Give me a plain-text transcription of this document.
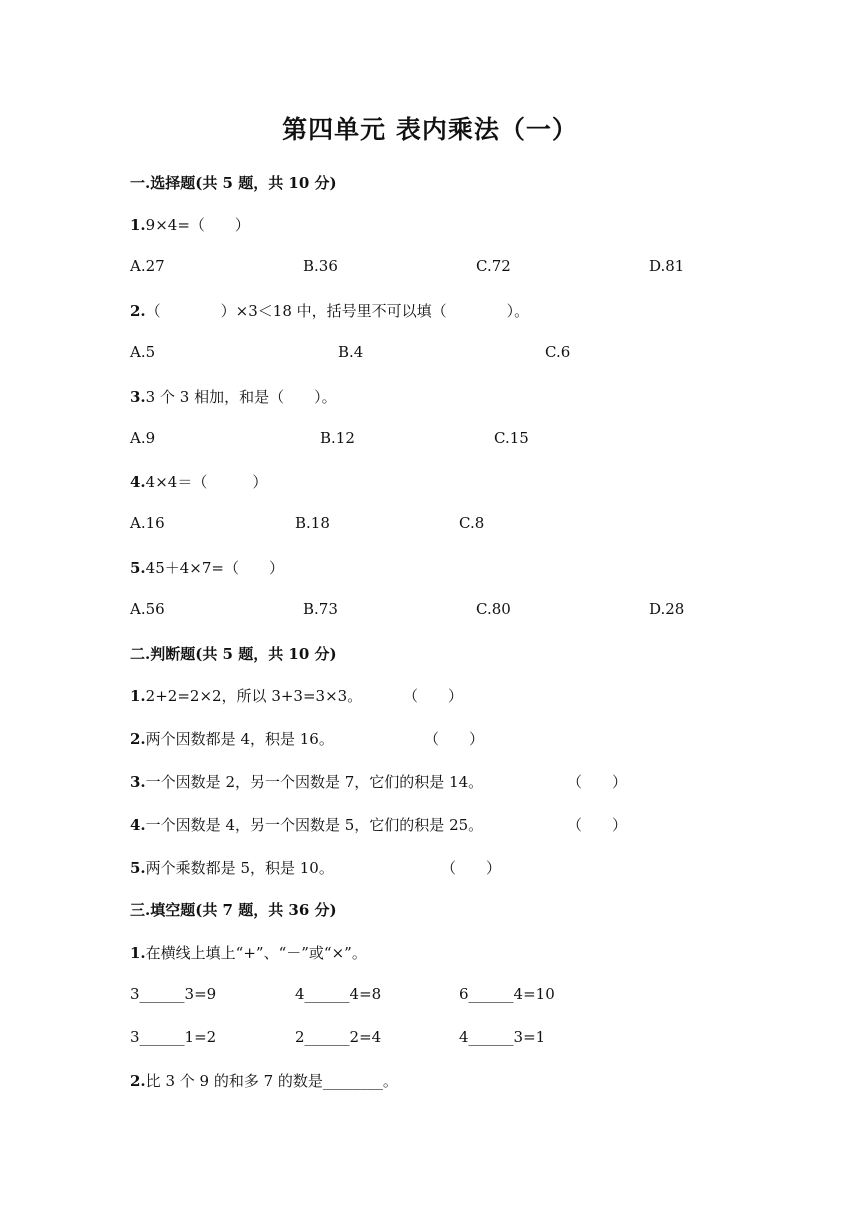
第四单元 表内乘法（一）
一.选择题(共 5 题，共 10 分)
1.9×4=（　　）
A.27	B.36	C.72	D.81
2.（　　　　）×3＜18 中，括号里不可以填（　　　　）。
A.5	B.4	C.6
3.3 个 3 相加，和是（　　）。
A.9	B.12	C.15
4.4×4＝（　　　）
A.16	B.18	C.8
5.45＋4×7=（　　）
A.56	B.73	C.80	D.28
二.判断题(共 5 题，共 10 分)
1.2+2=2×2，所以 3+3=3×3。	（　　）
2.两个因数都是 4，积是 16。	（　　）
3.一个因数是 2，另一个因数是 7，它们的积是 14。	（　　）
4.一个因数是 4，另一个因数是 5，它们的积是 25。	（　　）
5.两个乘数都是 5，积是 10。	（　　）
三.填空题(共 7 题，共 36 分)
1.在横线上填上“+”、“－”或“×”。
3______3=9	4______4=8	6______4=10
3______1=2	2______2=4	4______3=1
2.比 3 个 9 的和多 7 的数是________。
